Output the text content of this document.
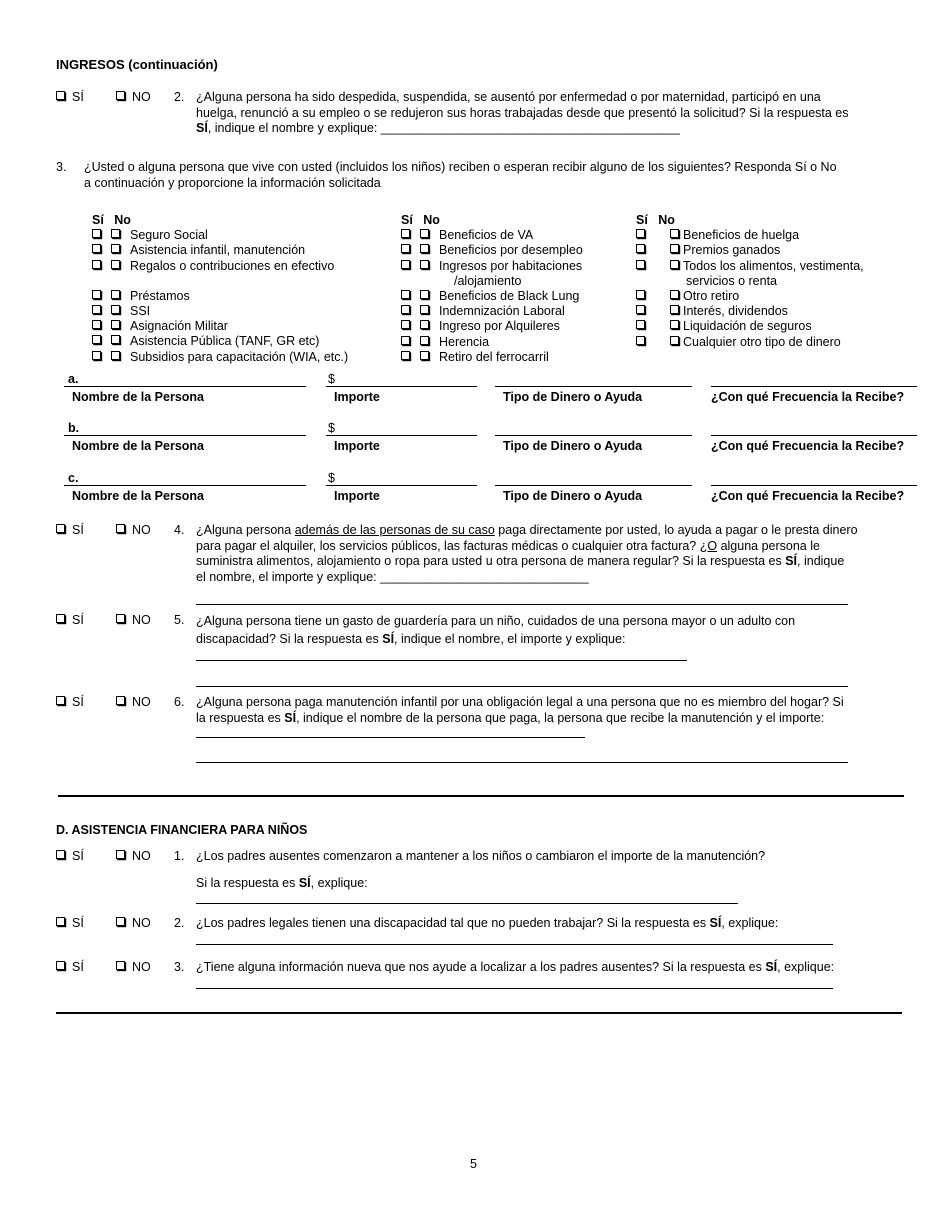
INGRESOS (continuación)
SÍ	NO 2. ¿Alguna persona ha sido despedida, suspendida, se ausentó por enfermedad o por maternidad, participó en una
huelga, renunció a su empleo o se redujeron sus horas trabajadas desde que presentó la solicitud? Si la respuesta es
SÍ, indique el nombre y explique: ___________________________________________
3. ¿Usted o alguna persona que vive con usted (incluidos los niños) reciben o esperan recibir alguno de los siguientes? Responda Sí o No
a continuación y proporcione la información solicitada
Sí No
Seguro Social
Asistencia infantil, manutención
Regalos o contribuciones en efectivo
Préstamos
SSI
Asignación Militar
Asistencia Pública (TANF, GR etc)
Subsidios para capacitación (WIA, etc.)
Sí No
Beneficios de VA
Beneficios por desempleo
Ingresos por habitaciones
/alojamiento
Beneficios de Black Lung
Indemnización Laboral
Ingreso por Alquileres
Herencia
Retiro del ferrocarril
Sí No
Beneficios de huelga
Premios ganados
Todos los alimentos, vestimenta,
servicios o renta
Otro retiro
Interés, dividendos
Liquidación de seguros
Cualquier otro tipo de dinero
a.	$
Nombre de la Persona	Importe	Tipo de Dinero o Ayuda	¿Con qué Frecuencia la Recibe?
b.	$
Nombre de la Persona	Importe	Tipo de Dinero o Ayuda	¿Con qué Frecuencia la Recibe?
c.	$
Nombre de la Persona	Importe	Tipo de Dinero o Ayuda	¿Con qué Frecuencia la Recibe?
SÍ	NO 4. ¿Alguna persona además de las personas de su caso paga directamente por usted, lo ayuda a pagar o le presta dinero
para pagar el alquiler, los servicios públicos, las facturas médicas o cualquier otra factura? ¿O alguna persona le
suministra alimentos, alojamiento o ropa para usted u otra persona de manera regular? Si la respuesta es SÍ, indique
el nombre, el importe y explique: ______________________________
SÍ	NO 5. ¿Alguna persona tiene un gasto de guardería para un niño, cuidados de una persona mayor o un adulto con
discapacidad? Si la respuesta es SÍ, indique el nombre, el importe y explique:
SÍ	NO 6. ¿Alguna persona paga manutención infantil por una obligación legal a una persona que no es miembro del hogar? Si
la respuesta es SÍ, indique el nombre de la persona que paga, la persona que recibe la manutención y el importe:
D. ASISTENCIA FINANCIERA PARA NIÑOS
SÍ	NO 1. ¿Los padres ausentes comenzaron a mantener a los niños o cambiaron el importe de la manutención?
Si la respuesta es SÍ, explique:
SÍ	NO 2. ¿Los padres legales tienen una discapacidad tal que no pueden trabajar? Si la respuesta es SÍ, explique:
SÍ	NO 3. ¿Tiene alguna información nueva que nos ayude a localizar a los padres ausentes? Si la respuesta es SÍ, explique:
5
